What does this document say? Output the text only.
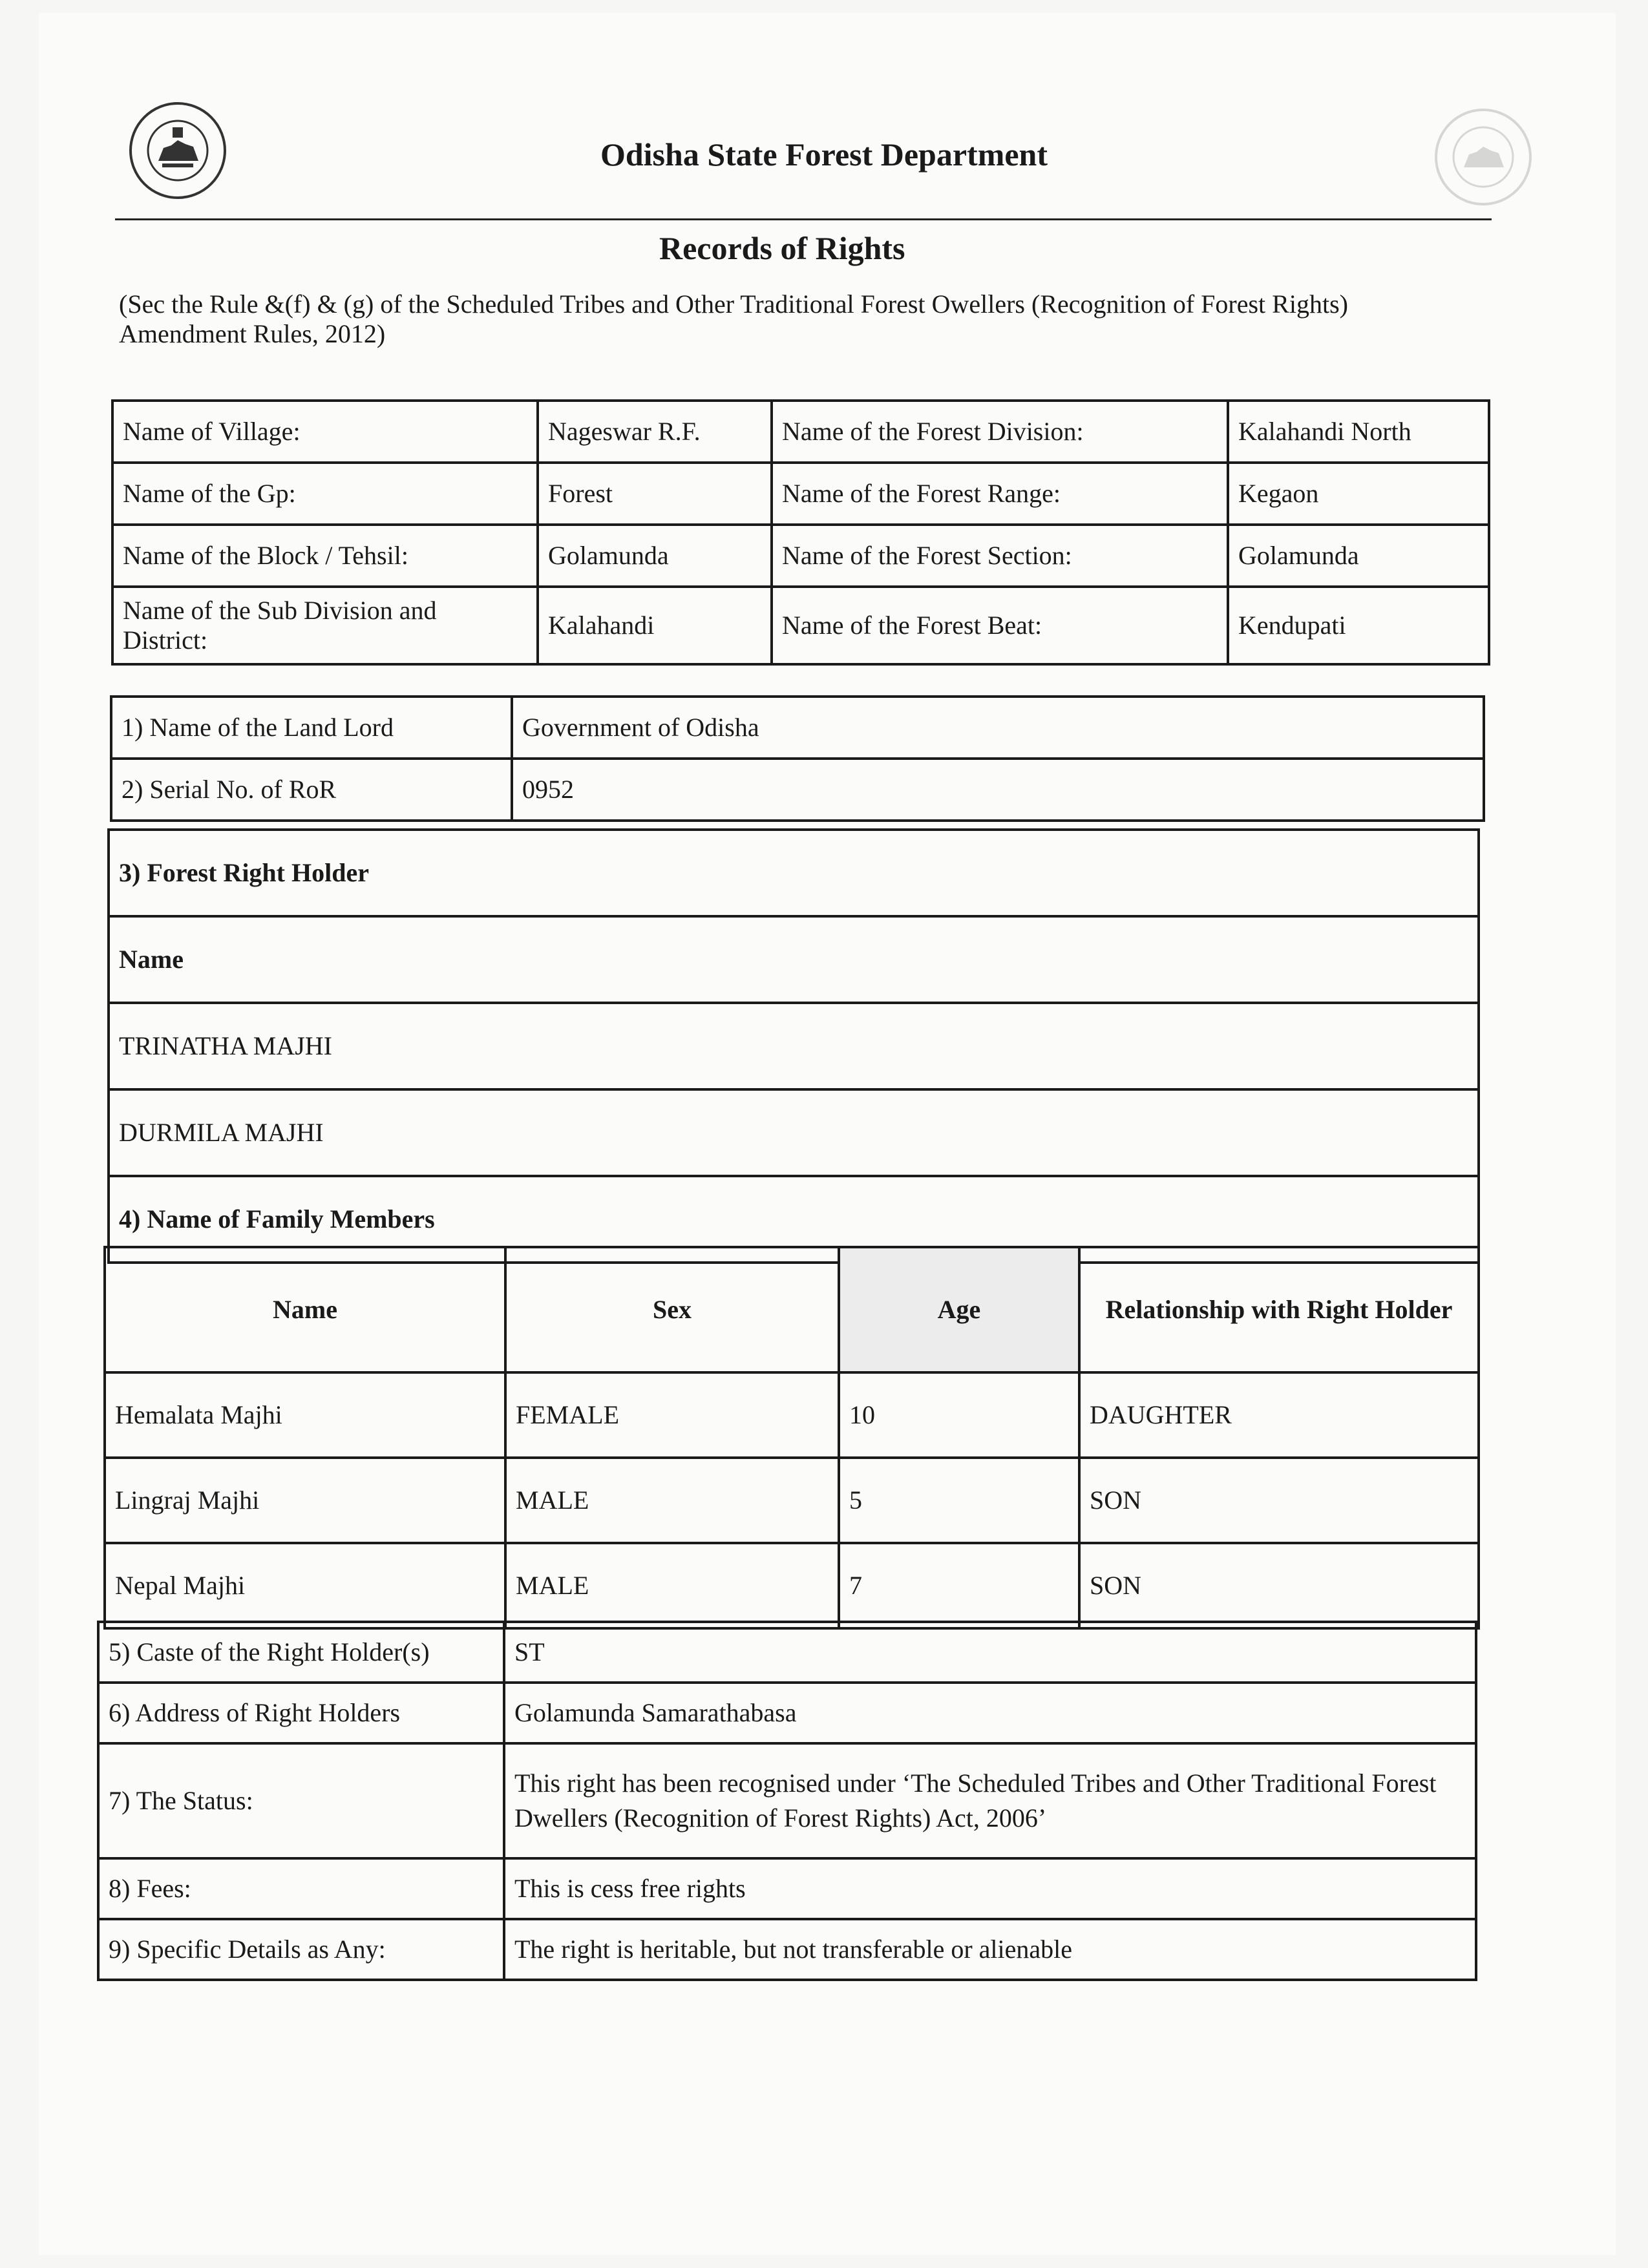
Odisha State Forest Department
Records of Rights
(Sec the Rule &(f) & (g) of the Scheduled Tribes and Other Traditional Forest Owellers (Recognition of Forest Rights) Amendment Rules, 2012)
Name of Village:	Nageswar R.F.	Name of the Forest Division:	Kalahandi North
Name of the Gp:	Forest	Name of the Forest Range:	Kegaon
Name of the Block / Tehsil:	Golamunda	Name of the Forest Section:	Golamunda
Name of the Sub Division and District:	Kalahandi	Name of the Forest Beat:	Kendupati
1) Name of the Land Lord	Government of Odisha
2) Serial No. of RoR	0952
3) Forest Right Holder
Name
TRINATHA MAJHI
DURMILA MAJHI
4) Name of Family Members
Name	Sex	Age	Relationship with Right Holder
Hemalata Majhi	FEMALE	10	DAUGHTER
Lingraj Majhi	MALE	5	SON
Nepal Majhi	MALE	7	SON
5) Caste of the Right Holder(s)	ST
6) Address of Right Holders	Golamunda Samarathabasa
7) The Status:	This right has been recognised under ‘The Scheduled Tribes and Other Traditional Forest Dwellers (Recognition of Forest Rights) Act, 2006’
8) Fees:	This is cess free rights
9) Specific Details as Any:	The right is heritable, but not transferable or alienable
